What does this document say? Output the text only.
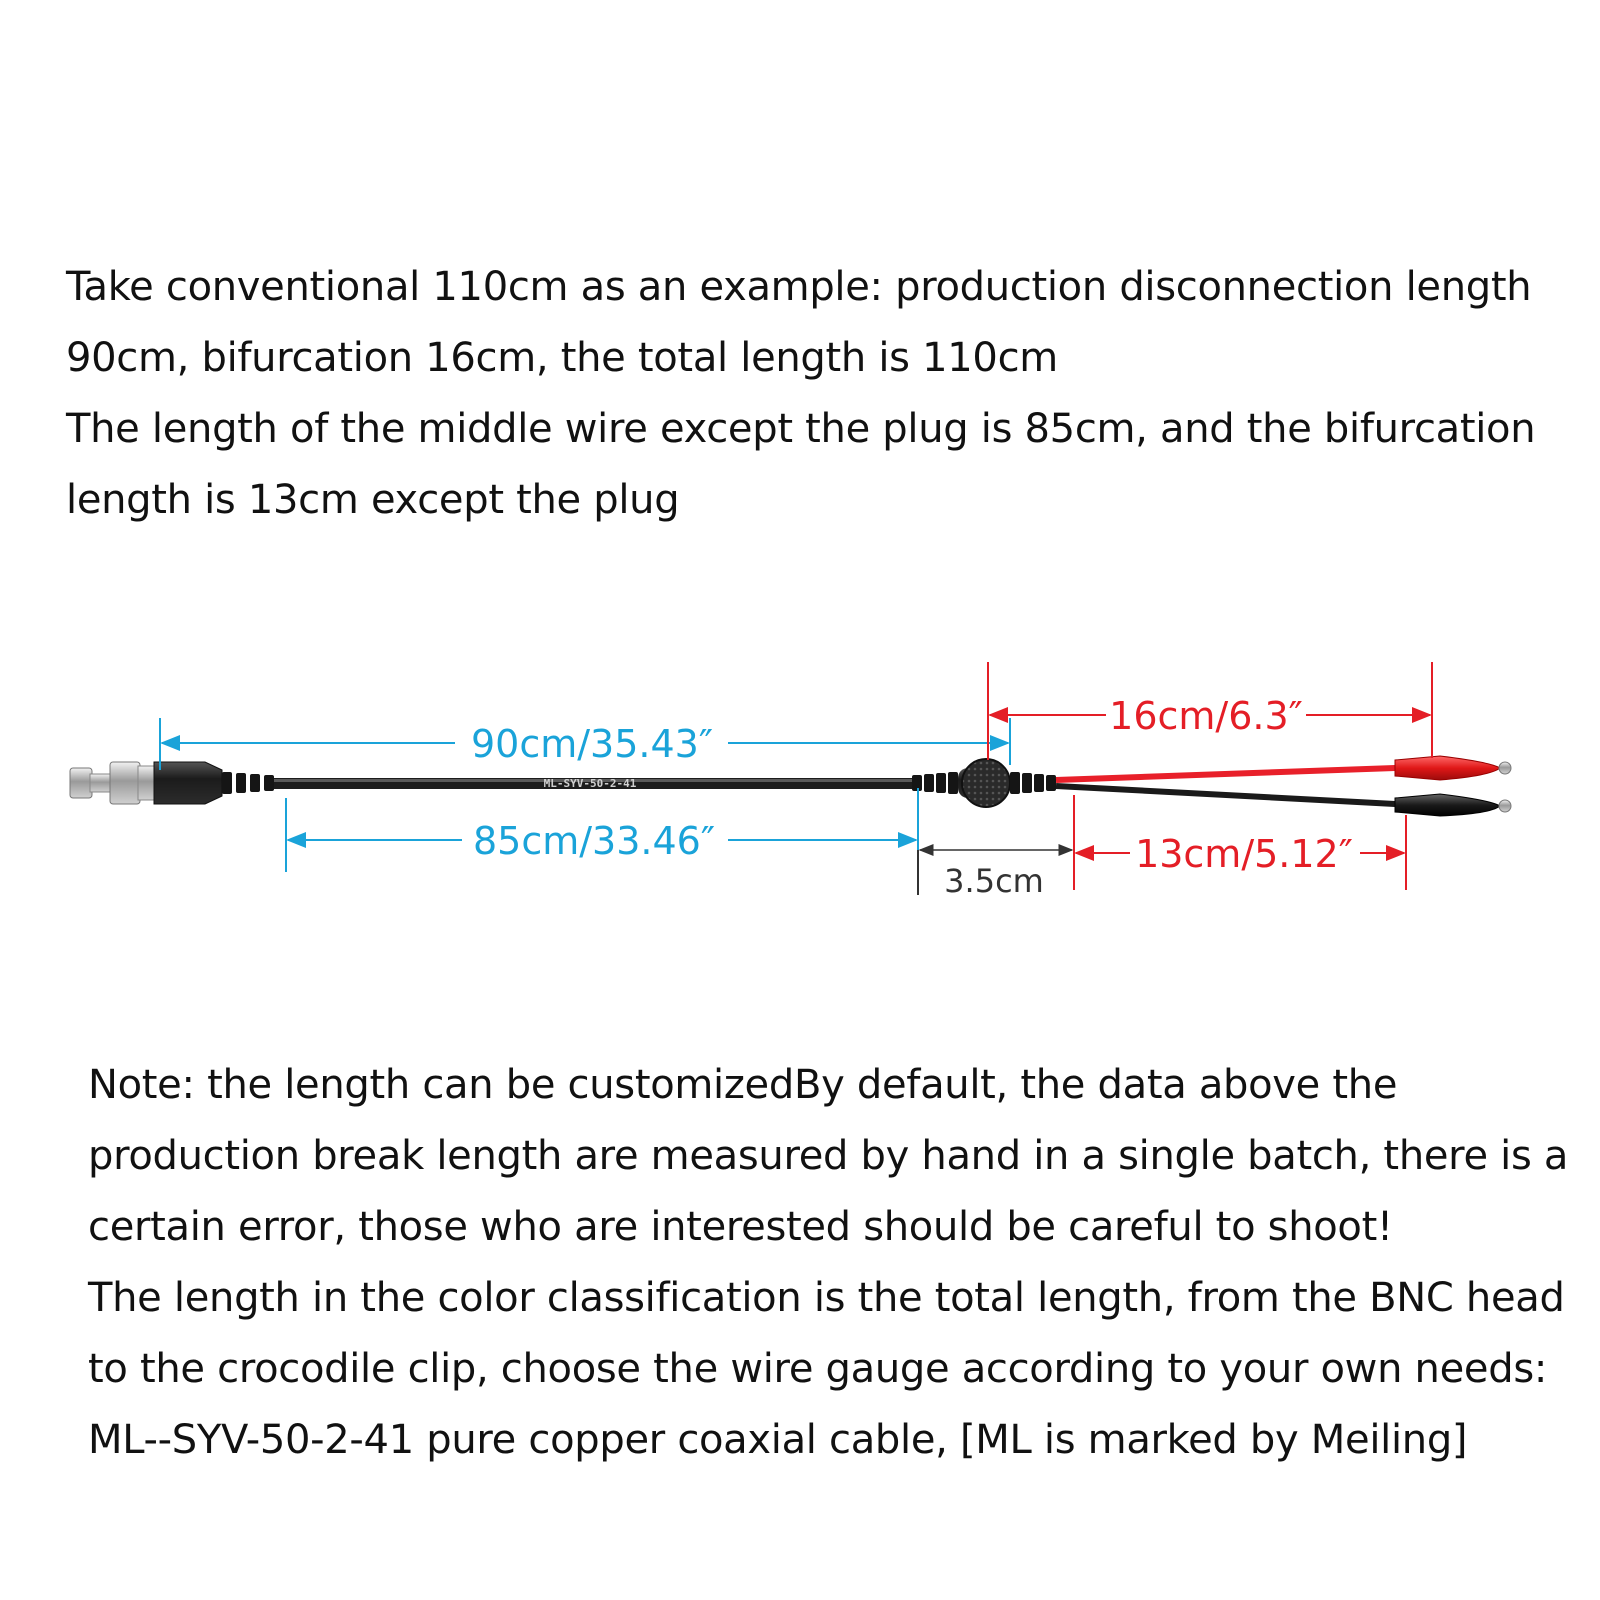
Take conventional 110cm as an example: production disconnection length
90cm, bifurcation 16cm, the total length is 110cm
The length of the middle wire except the plug is 85cm, and the bifurcation
length is 13cm except the plug
ML-SYV-50-2-41
90cm/35.43″
85cm/33.46″
3.5cm
16cm/6.3″
13cm/5.12″
Note: the length can be customizedBy default, the data above the
production break length are measured by hand in a single batch, there is a
certain error, those who are interested should be careful to shoot!
The length in the color classification is the total length, from the BNC head
to the crocodile clip, choose the wire gauge according to your own needs:
ML--SYV-50-2-41 pure copper coaxial cable, [ML is marked by Meiling]
